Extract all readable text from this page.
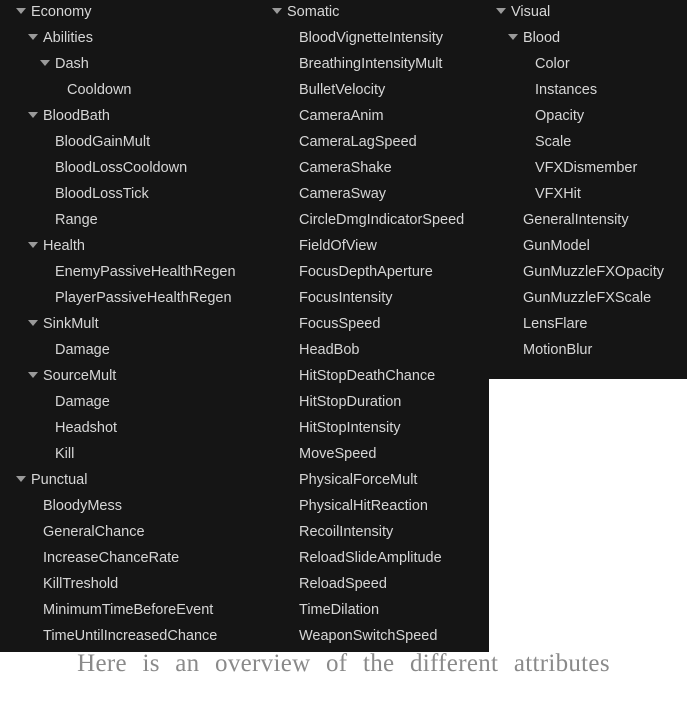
Economy
Abilities
Dash
Cooldown
BloodBath
BloodGainMult
BloodLossCooldown
BloodLossTick
Range
Health
EnemyPassiveHealthRegen
PlayerPassiveHealthRegen
SinkMult
Damage
SourceMult
Damage
Headshot
Kill
Punctual
BloodyMess
GeneralChance
IncreaseChanceRate
KillTreshold
MinimumTimeBeforeEvent
TimeUntilIncreasedChance
Somatic
BloodVignetteIntensity
BreathingIntensityMult
BulletVelocity
CameraAnim
CameraLagSpeed
CameraShake
CameraSway
CircleDmgIndicatorSpeed
FieldOfView
FocusDepthAperture
FocusIntensity
FocusSpeed
HeadBob
HitStopDeathChance
HitStopDuration
HitStopIntensity
MoveSpeed
PhysicalForceMult
PhysicalHitReaction
RecoilIntensity
ReloadSlideAmplitude
ReloadSpeed
TimeDilation
WeaponSwitchSpeed
Visual
Blood
Color
Instances
Opacity
Scale
VFXDismember
VFXHit
GeneralIntensity
GunModel
GunMuzzleFXOpacity
GunMuzzleFXScale
LensFlare
MotionBlur
Here is an overview of the different attributes
